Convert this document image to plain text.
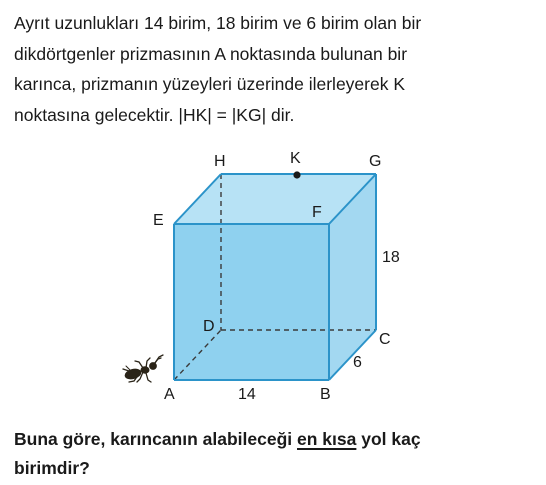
Ayrıt uzunlukları 14 birim, 18 birim ve 6 birim olan bir
dikdörtgenler prizmasının A noktasında bulunan bir
karınca, prizmanın yüzeyleri üzerinde ilerleyerek K
noktasına gelecektir. |HK| = |KG| dir.
H	K	G
E	F
D
C
A	B
14
18
6
Buna göre, karıncanın alabileceği en kısa yol kaç
birimdir?
